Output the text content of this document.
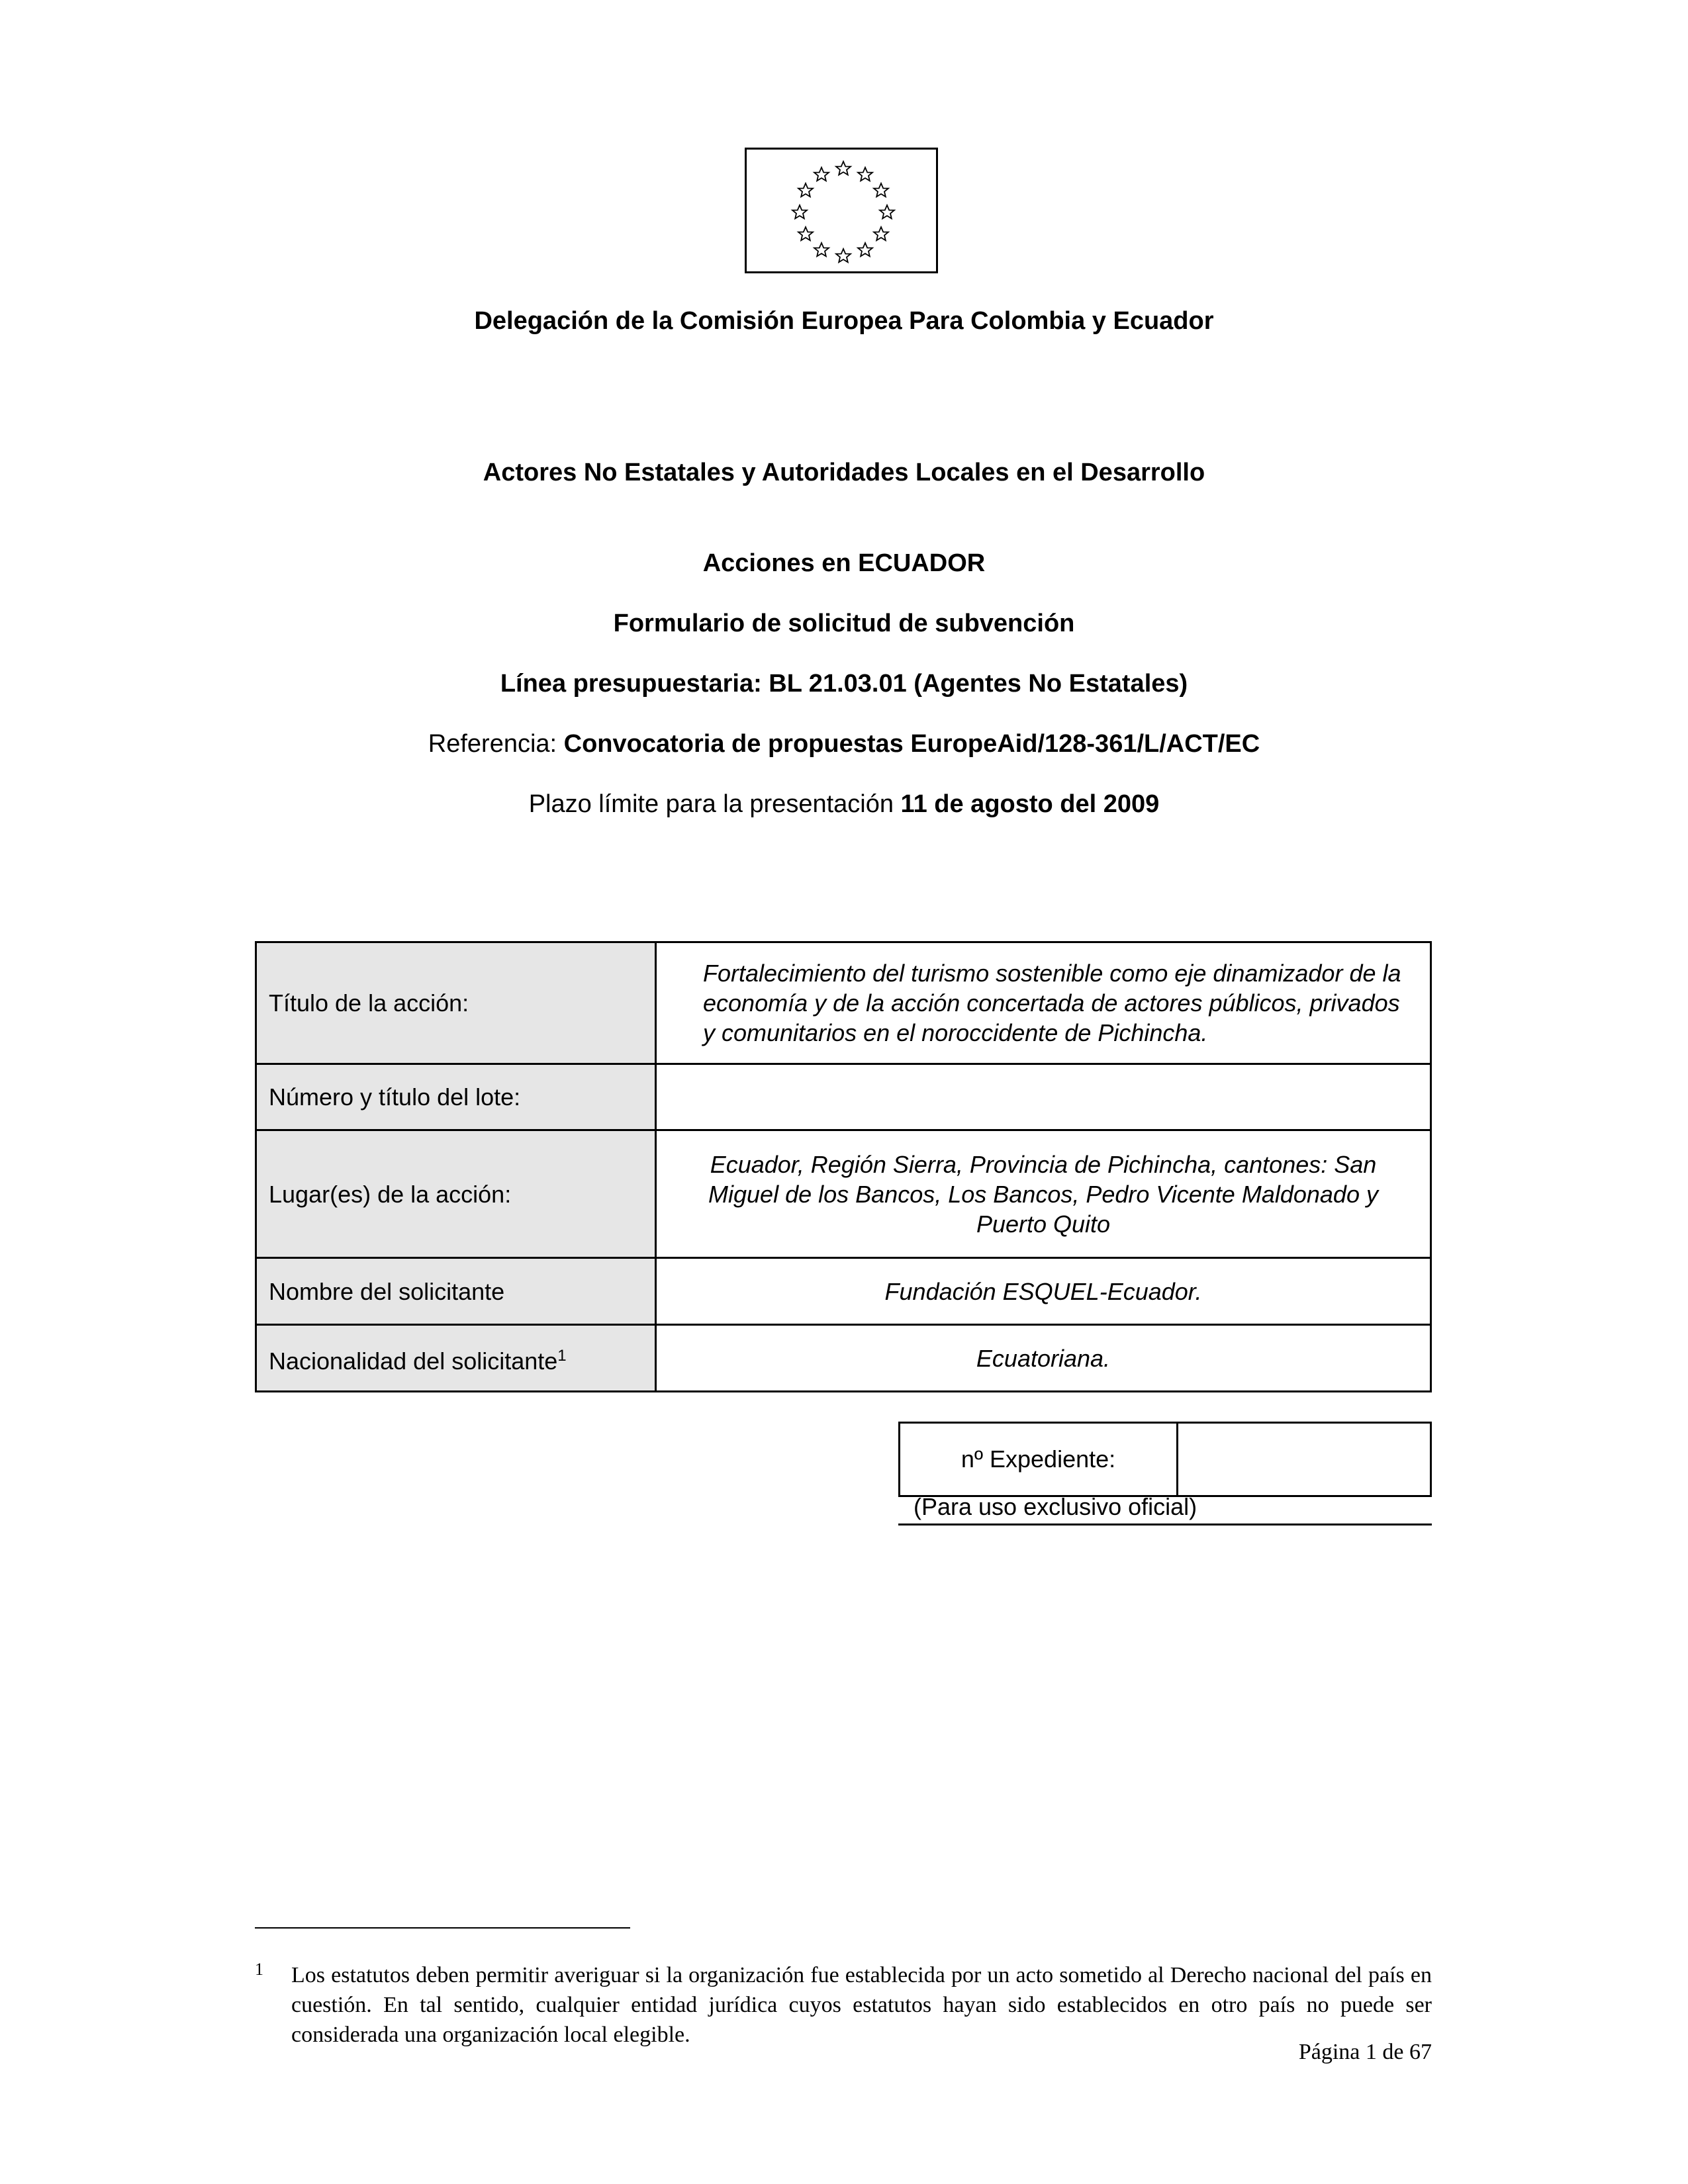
Delegación de la Comisión Europea Para Colombia y Ecuador
Actores No Estatales y Autoridades Locales en el Desarrollo
Acciones en ECUADOR
Formulario de solicitud de subvención
Línea presupuestaria: BL 21.03.01 (Agentes No Estatales)
Referencia: Convocatoria de propuestas EuropeAid/128-361/L/ACT/EC
Plazo límite para la presentación 11 de agosto del 2009
Título de la acción:	Fortalecimiento del turismo sostenible como eje dinamizador de la economía y de la acción concertada de actores públicos, privados y comunitarios en el noroccidente de Pichincha.
Número y título del lote:	
Lugar(es) de la acción:	Ecuador, Región Sierra, Provincia de Pichincha, cantones: San Miguel de los Bancos, Los Bancos, Pedro Vicente Maldonado y Puerto Quito
Nombre del solicitante	Fundación ESQUEL-Ecuador.
Nacionalidad del solicitante$^1$	Ecuatoriana.
nº Expediente:	
(Para uso exclusivo oficial)
1	Los estatutos deben permitir averiguar si la organización fue establecida por un acto sometido al Derecho nacional del país en cuestión. En tal sentido, cualquier entidad jurídica cuyos estatutos hayan sido establecidos en otro país no puede ser considerada una organización local elegible.
Página 1 de 67
